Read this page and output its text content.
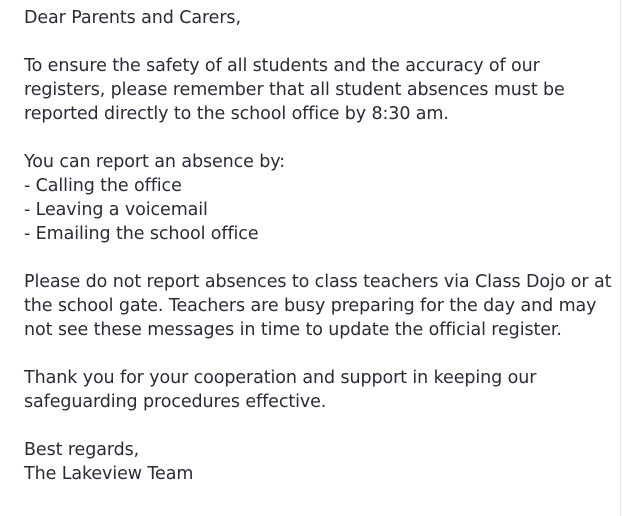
Dear Parents and Carers,

To ensure the safety of all students and the accuracy of our registers, please remember that all student absences must be reported directly to the school office by 8:30 am.

You can report an absence by:

- Calling the office
- Leaving a voicemail
- Emailing the school office

Please do not report absences to class teachers via Class Dojo or at the school gate. Teachers are busy preparing for the day and may not see these messages in time to update the official register.

Thank you for your cooperation and support in keeping our safeguarding procedures effective.

Best regards,

The Lakeview Team
